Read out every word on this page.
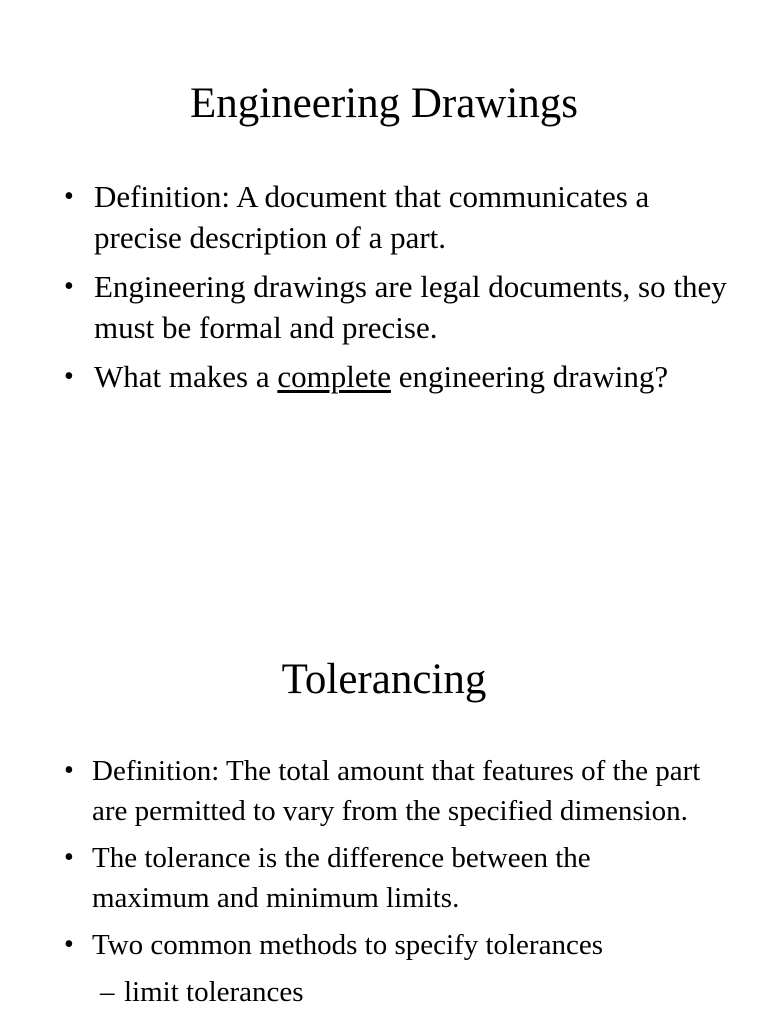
Engineering Drawings
• Definition: A document that communicates a precise description of a part.
• Engineering drawings are legal documents, so they must be formal and precise.
• What makes a complete engineering drawing?
Tolerancing
• Definition: The total amount that features of the part are permitted to vary from the specified dimension.
• The tolerance is the difference between the maximum and minimum limits.
• Two common methods to specify tolerances
– limit tolerances
